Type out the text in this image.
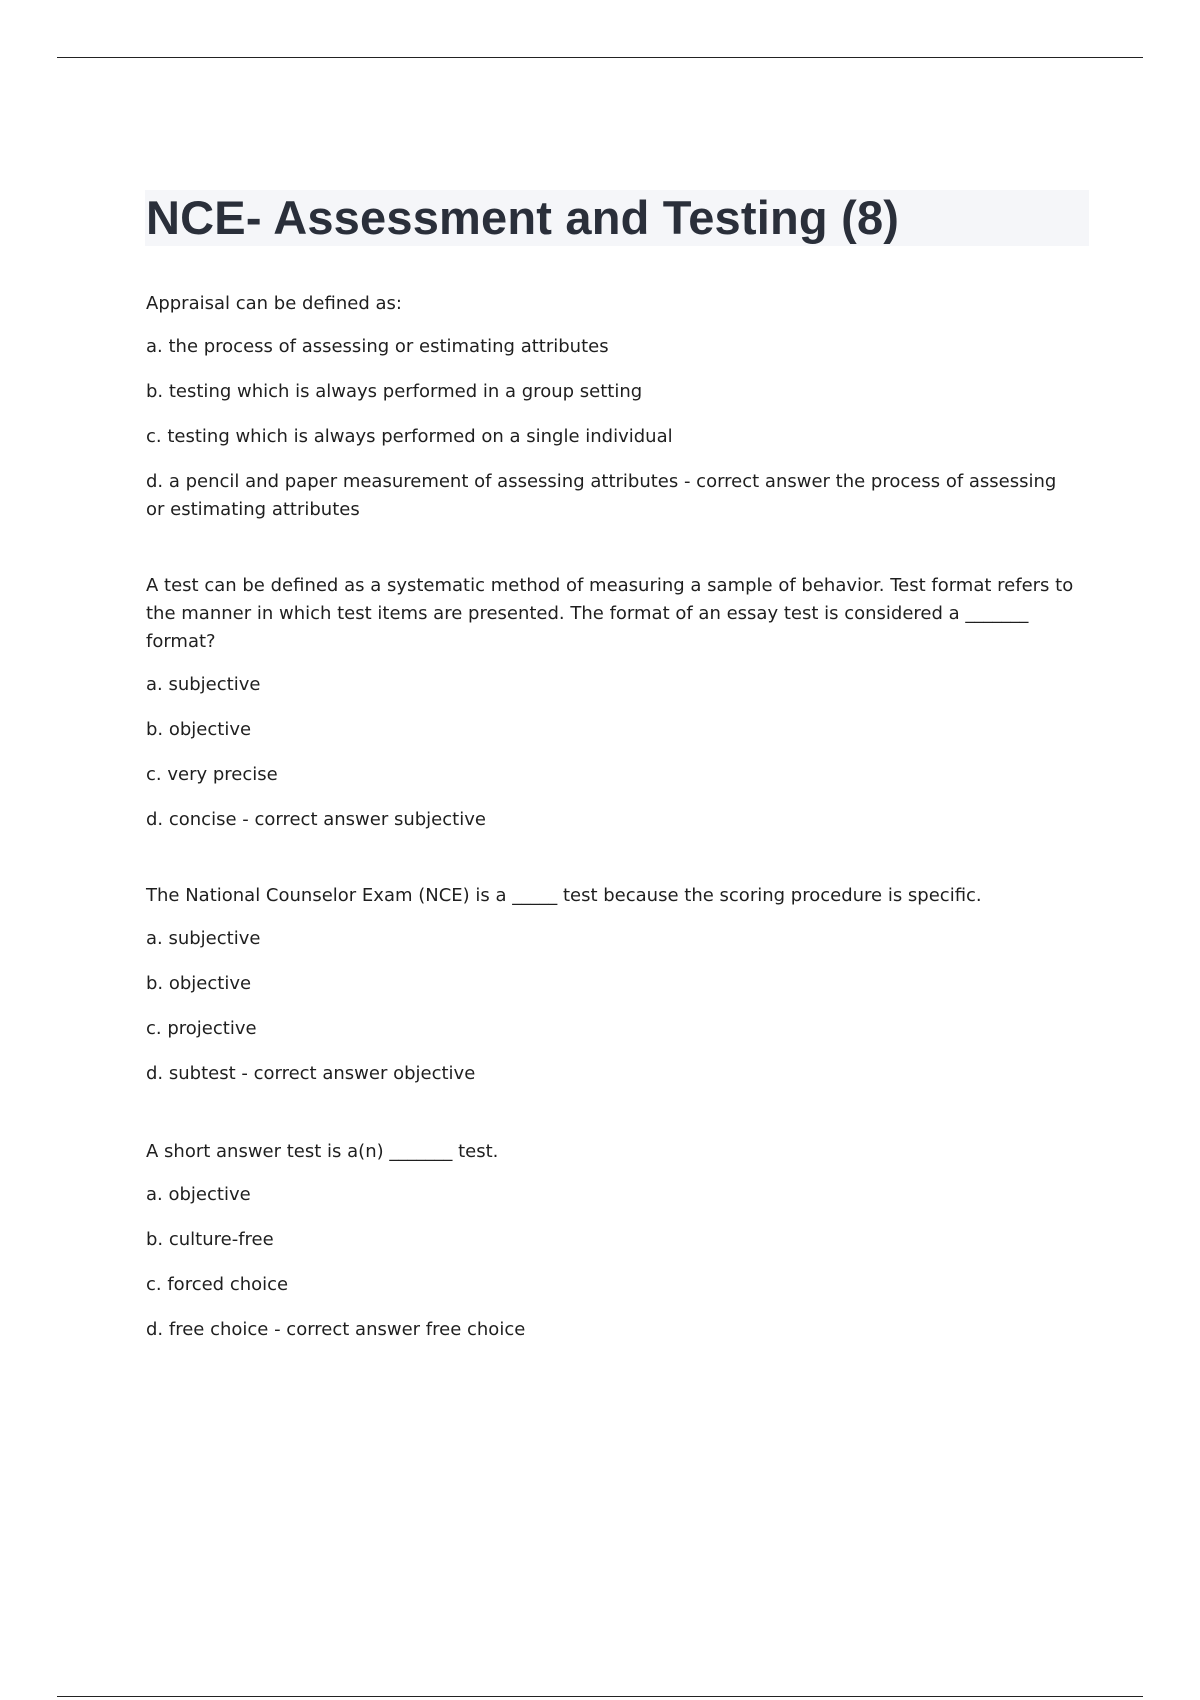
NCE- Assessment and Testing (8)

Appraisal can be defined as:

a. the process of assessing or estimating attributes

b. testing which is always performed in a group setting

c. testing which is always performed on a single individual

d. a pencil and paper measurement of assessing attributes - correct answer the process of assessing or estimating attributes

A test can be defined as a systematic method of measuring a sample of behavior. Test format refers to the manner in which test items are presented. The format of an essay test is considered a _______ format?

a. subjective

b. objective

c. very precise

d. concise - correct answer subjective

The National Counselor Exam (NCE) is a _____ test because the scoring procedure is specific.

a. subjective

b. objective

c. projective

d. subtest - correct answer objective

A short answer test is a(n) _______ test.

a. objective

b. culture-free

c. forced choice

d. free choice - correct answer free choice
